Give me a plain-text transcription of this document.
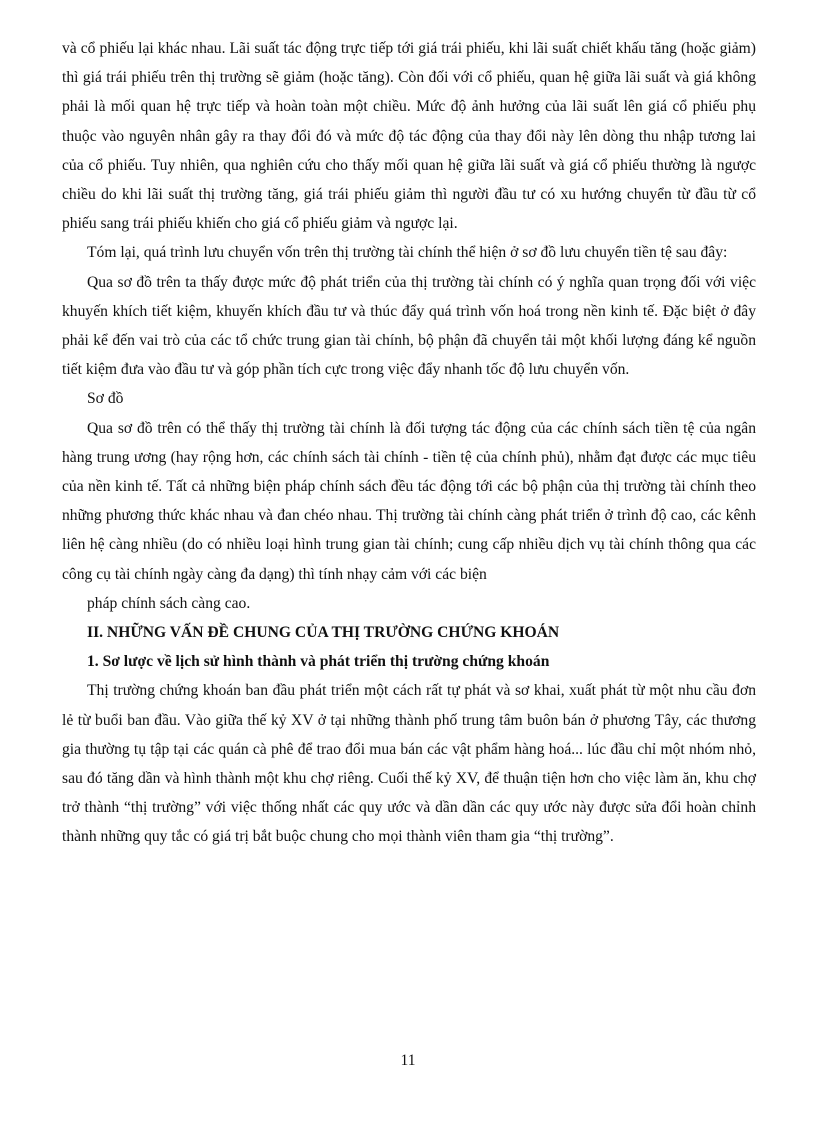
và cổ phiếu lại khác nhau. Lãi suất tác động trực tiếp tới giá trái phiếu, khi lãi suất chiết khấu tăng (hoặc giảm) thì giá trái phiếu trên thị trường sẽ giảm (hoặc tăng). Còn đối với cổ phiếu, quan hệ giữa lãi suất và giá không phải là mối quan hệ trực tiếp và hoàn toàn một chiều. Mức độ ảnh hưởng của lãi suất lên giá cổ phiếu phụ thuộc vào nguyên nhân gây ra thay đổi đó và mức độ tác động của thay đổi này lên dòng thu nhập tương lai của cổ phiếu. Tuy nhiên, qua nghiên cứu cho thấy mối quan hệ giữa lãi suất và giá cổ phiếu thường là ngược chiều do khi lãi suất thị trường tăng, giá trái phiếu giảm thì người đầu tư có xu hướng chuyển từ đầu từ cổ phiếu sang trái phiếu khiến cho giá cổ phiếu giảm và ngược lại.

Tóm lại, quá trình lưu chuyển vốn trên thị trường tài chính thể hiện ở sơ đồ lưu chuyển tiền tệ sau đây:

Qua sơ đồ trên ta thấy được mức độ phát triển của thị trường tài chính có ý nghĩa quan trọng đối với việc khuyến khích tiết kiệm, khuyến khích đầu tư và thúc đẩy quá trình vốn hoá trong nền kinh tế. Đặc biệt ở đây phải kể đến vai trò của các tổ chức trung gian tài chính, bộ phận đã chuyển tải một khối lượng đáng kể nguồn tiết kiệm đưa vào đầu tư và góp phần tích cực trong việc đẩy nhanh tốc độ lưu chuyển vốn.

Sơ đồ

Qua sơ đồ trên có thể thấy thị trường tài chính là đối tượng tác động của các chính sách tiền tệ của ngân hàng trung ương (hay rộng hơn, các chính sách tài chính - tiền tệ của chính phủ), nhằm đạt được các mục tiêu của nền kinh tế. Tất cả những biện pháp chính sách đều tác động tới các bộ phận của thị trường tài chính theo những phương thức khác nhau và đan chéo nhau. Thị trường tài chính càng phát triển ở trình độ cao, các kênh liên hệ càng nhiều (do có nhiều loại hình trung gian tài chính; cung cấp nhiều dịch vụ tài chính thông qua các công cụ tài chính ngày càng đa dạng) thì tính nhạy cảm với các biện

pháp chính sách càng cao.

II. NHỮNG VẤN ĐỀ CHUNG CỦA THỊ TRƯỜNG CHỨNG KHOÁN

1. Sơ lược về lịch sử hình thành và phát triển thị trường chứng khoán

Thị trường chứng khoán ban đầu phát triển một cách rất tự phát và sơ khai, xuất phát từ một nhu cầu đơn lẻ từ buổi ban đầu. Vào giữa thế kỷ XV ở tại những thành phố trung tâm buôn bán ở phương Tây, các thương gia thường tụ tập tại các quán cà phê để trao đổi mua bán các vật phẩm hàng hoá... lúc đầu chỉ một nhóm nhỏ, sau đó tăng dần và hình thành một khu chợ riêng. Cuối thế kỷ XV, để thuận tiện hơn cho việc làm ăn, khu chợ trở thành “thị trường” với việc thống nhất các quy ước và dần dần các quy ước này được sửa đổi hoàn chỉnh thành những quy tắc có giá trị bắt buộc chung cho mọi thành viên tham gia “thị trường”.

11
